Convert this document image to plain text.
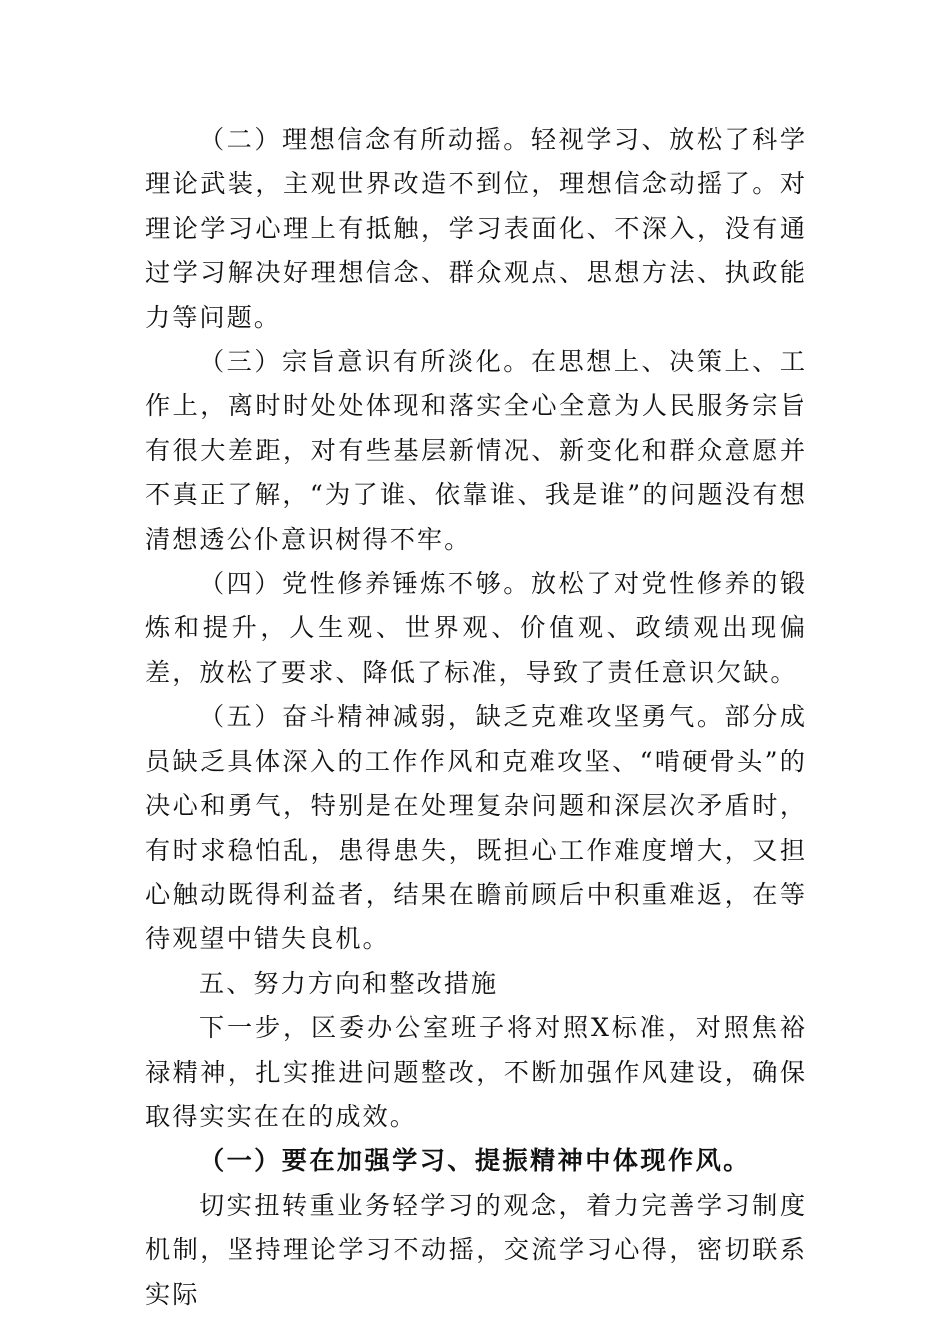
（二）理想信念有所动摇。轻视学习、放松了科学理论武装，主观世界改造不到位，理想信念动摇了。对理论学习心理上有抵触，学习表面化、不深入，没有通过学习解决好理想信念、群众观点、思想方法、执政能力等问题。

（三）宗旨意识有所淡化。在思想上、决策上、工作上，离时时处处体现和落实全心全意为人民服务宗旨有很大差距，对有些基层新情况、新变化和群众意愿并不真正了解，“为了谁、依靠谁、我是谁”的问题没有想清想透公仆意识树得不牢。

（四）党性修养锤炼不够。放松了对党性修养的锻炼和提升，人生观、世界观、价值观、政绩观出现偏差，放松了要求、降低了标准，导致了责任意识欠缺。

（五）奋斗精神减弱，缺乏克难攻坚勇气。部分成员缺乏具体深入的工作作风和克难攻坚、“啃硬骨头”的决心和勇气，特别是在处理复杂问题和深层次矛盾时，有时求稳怕乱，患得患失，既担心工作难度增大，又担心触动既得利益者，结果在瞻前顾后中积重难返，在等待观望中错失良机。

五、努力方向和整改措施

下一步，区委办公室班子将对照X标准，对照焦裕禄精神，扎实推进问题整改，不断加强作风建设，确保取得实实在在的成效。

（一）要在加强学习、提振精神中体现作风。

切实扭转重业务轻学习的观念，着力完善学习制度机制，坚持理论学习不动摇，交流学习心得，密切联系实际
